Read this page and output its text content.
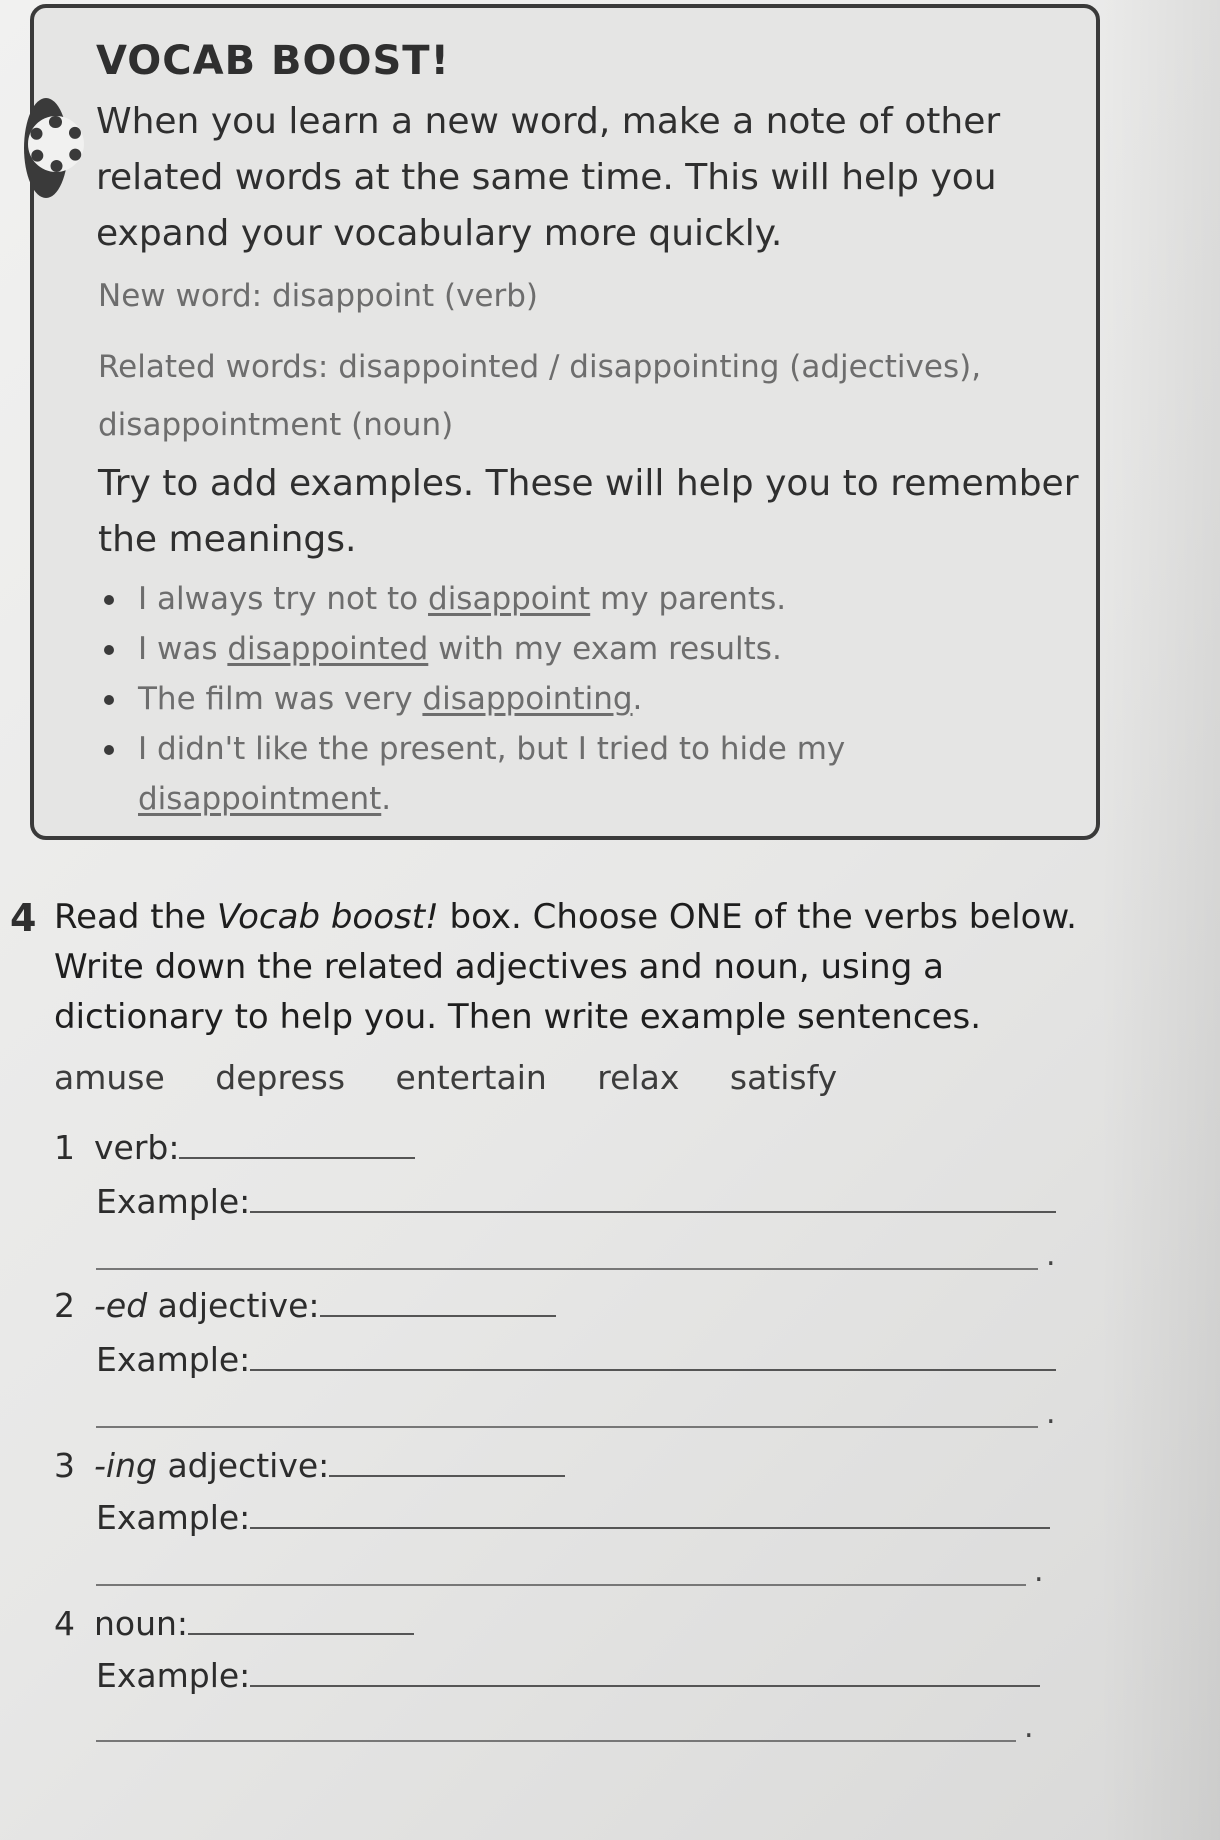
VOCAB BOOST!
When you learn a new word, make a note of other related words at the same time. This will help you expand your vocabulary more quickly.
New word: disappoint (verb)
Related words: disappointed / disappointing (adjectives), disappointment (noun)
Try to add examples. These will help you to remember the meanings.
I always try not to disappoint my parents.
I was disappointed with my exam results.
The film was very disappointing.
I didn't like the present, but I tried to hide my disappointment.
4 Read the Vocab boost! box. Choose ONE of the verbs below. Write down the related adjectives and noun, using a dictionary to help you. Then write example sentences.
amuse depress entertain relax satisfy
1 verb:
Example:
.
2 -ed adjective:
Example:
.
3 -ing adjective:
Example:
.
4 noun:
Example:
.
